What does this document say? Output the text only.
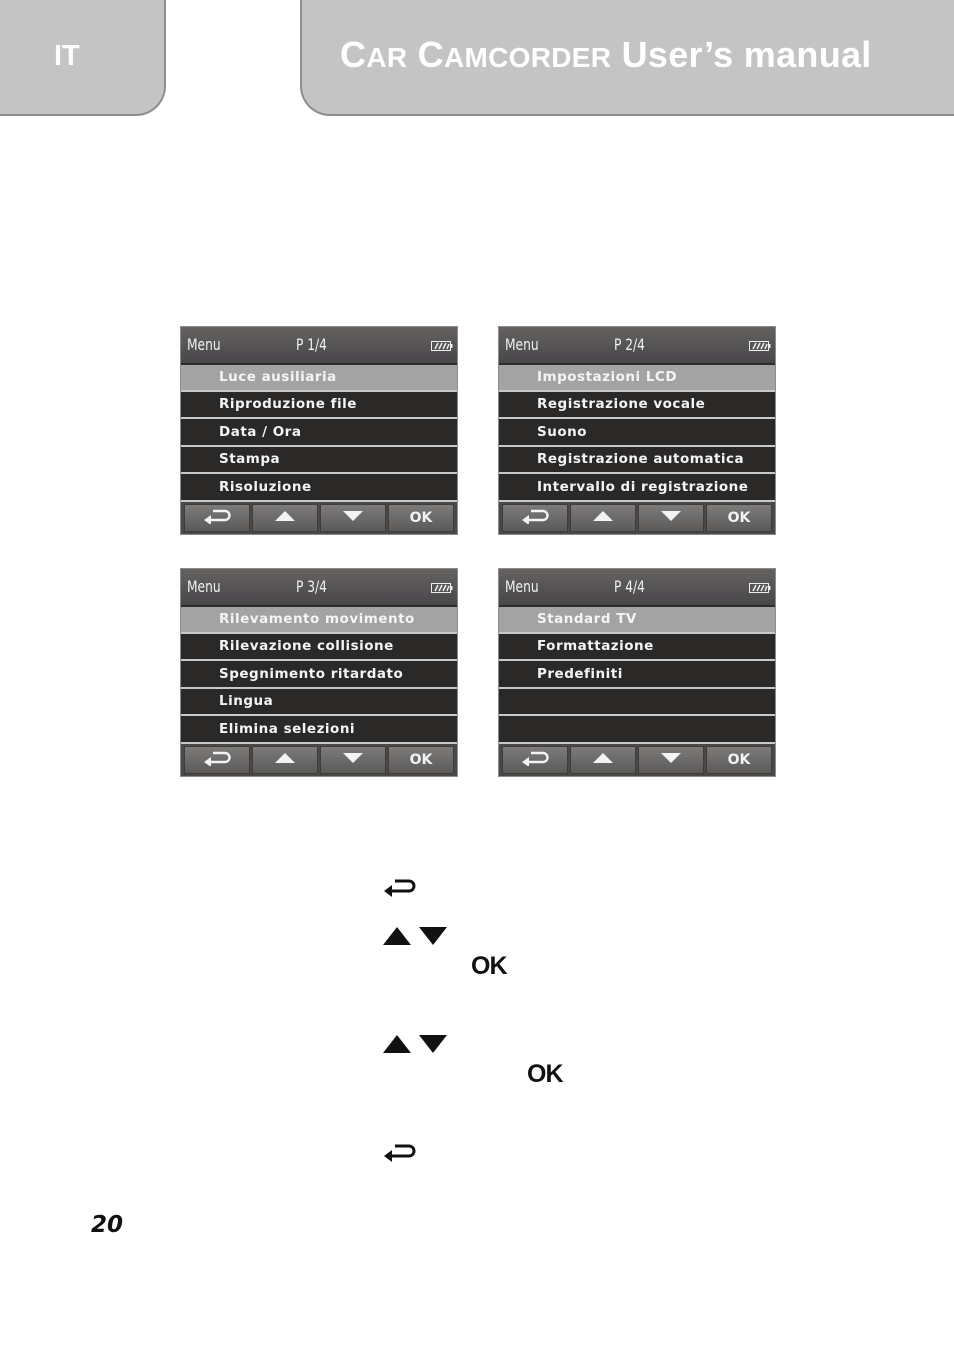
IT	CAR CAMCORDER User’s manual
Menu	P 1/4
Luce ausiliaria
Riproduzione file
Data / Ora
Stampa
Risoluzione
OK
Menu	P 2/4
Impostazioni LCD
Registrazione vocale
Suono
Registrazione automatica
Intervallo di registrazione
OK
Menu	P 3/4
Rilevamento movimento
Rilevazione collisione
Spegnimento ritardato
Lingua
Elimina selezioni
OK
Menu	P 4/4
Standard TV
Formattazione
Predefiniti
OK
OK
OK
20
